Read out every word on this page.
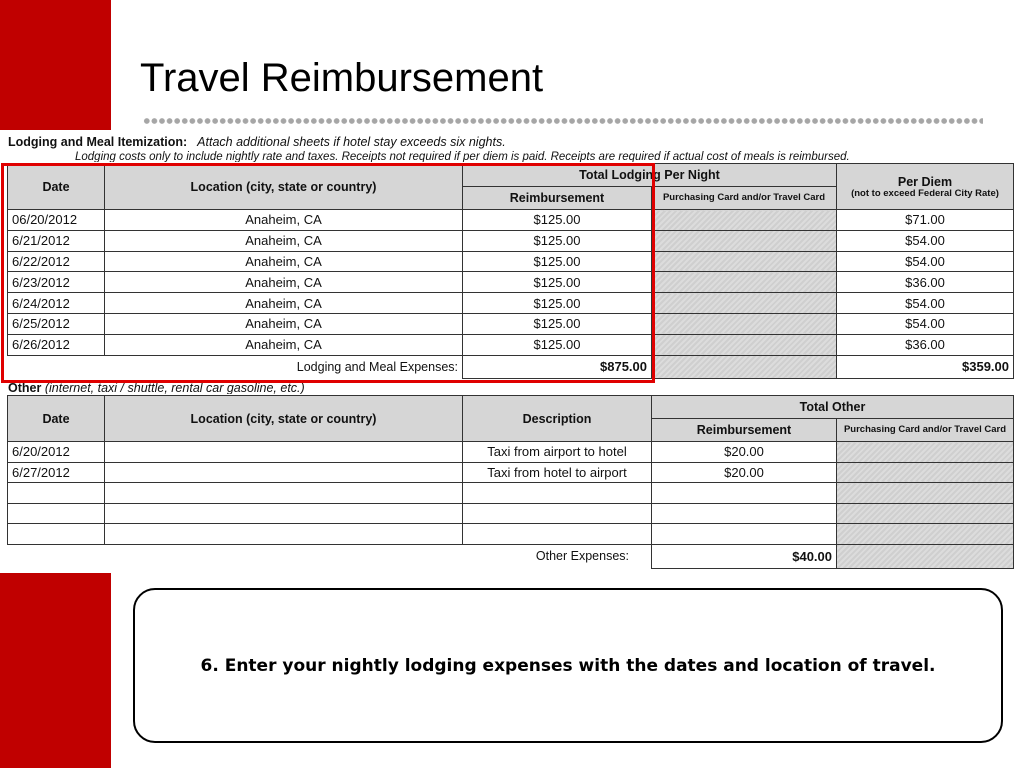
Travel Reimbursement
Lodging and Meal Itemization: Attach additional sheets if hotel stay exceeds six nights.
Lodging costs only to include nightly rate and taxes. Receipts not required if per diem is paid. Receipts are required if actual cost of meals is reimbursed.
Date	Location (city, state or country)	Total Lodging Per Night		Per Diem
(not to exceed Federal City Rate)

		Reimbursement	Purchasing Card and/or Travel Card	
06/20/2012	Anaheim, CA	$125.00		$71.00
6/21/2012	Anaheim, CA	$125.00		$54.00
6/22/2012	Anaheim, CA	$125.00		$54.00
6/23/2012	Anaheim, CA	$125.00		$36.00
6/24/2012	Anaheim, CA	$125.00		$54.00
6/25/2012	Anaheim, CA	$125.00		$54.00
6/26/2012	Anaheim, CA	$125.00		$36.00
Lodging and Meal Expenses:		$875.00		$359.00
Other (internet, taxi / shuttle, rental car gasoline, etc.)
Date	Location (city, state or country)	Description	Total Other	
			Reimbursement	Purchasing Card and/or Travel Card
6/20/2012		Taxi from airport to hotel	$20.00	
6/27/2012		Taxi from hotel to airport	$20.00	

Other Expenses:			$40.00	
6. Enter your nightly lodging expenses with the dates and location of travel.
